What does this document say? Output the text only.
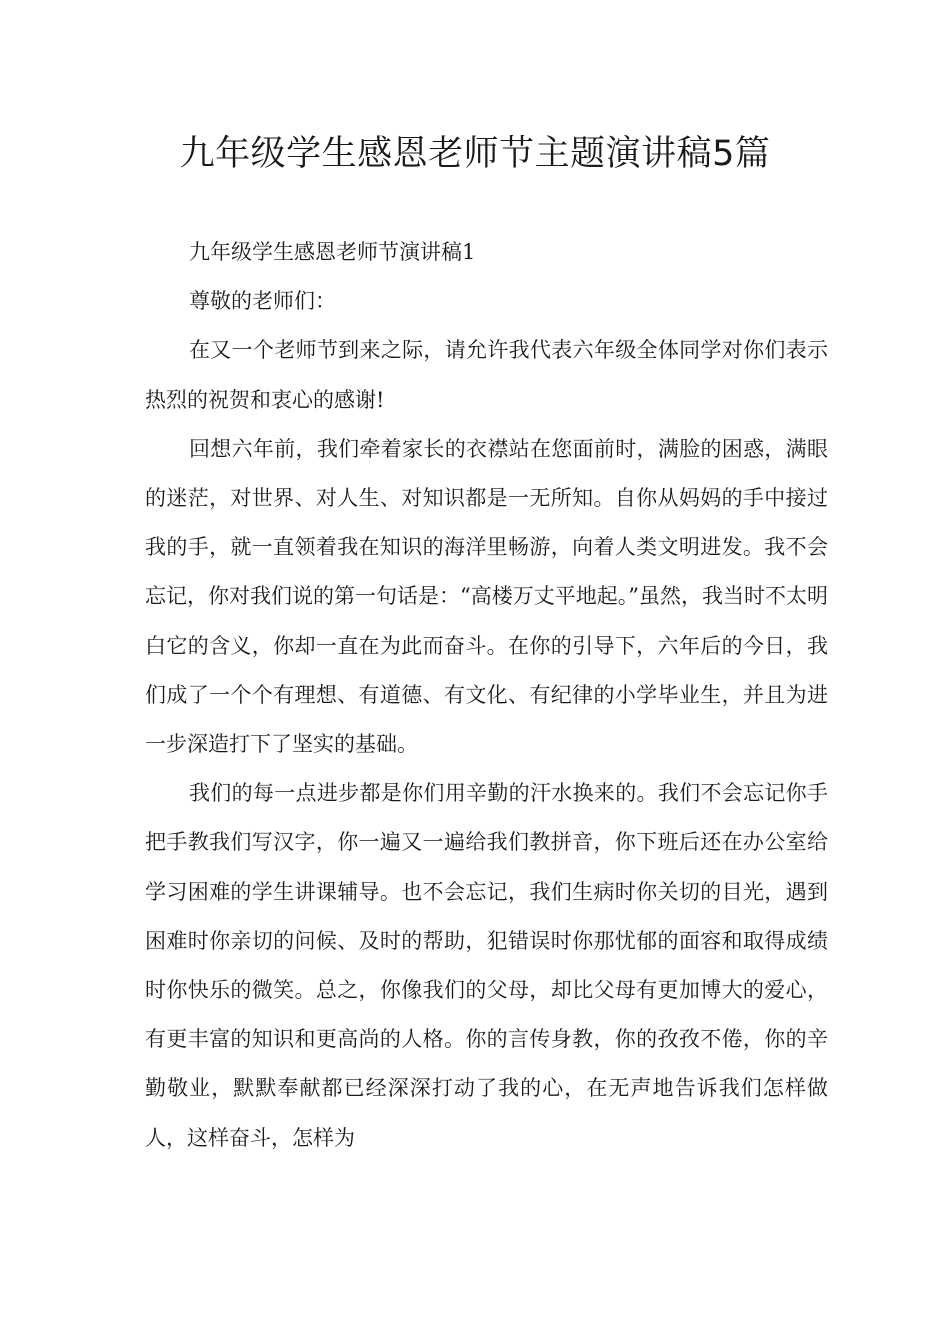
九年级学生感恩老师节主题演讲稿5篇

九年级学生感恩老师节演讲稿1

尊敬的老师们：

在又一个老师节到来之际，请允许我代表六年级全体同学对你们表示热烈的祝贺和衷心的感谢!

回想六年前，我们牵着家长的衣襟站在您面前时，满脸的困惑，满眼的迷茫，对世界、对人生、对知识都是一无所知。自你从妈妈的手中接过我的手，就一直领着我在知识的海洋里畅游，向着人类文明进发。我不会忘记，你对我们说的第一句话是：“高楼万丈平地起。”虽然，我当时不太明白它的含义，你却一直在为此而奋斗。在你的引导下，六年后的今日，我们成了一个个有理想、有道德、有文化、有纪律的小学毕业生，并且为进一步深造打下了坚实的基础。

我们的每一点进步都是你们用辛勤的汗水换来的。我们不会忘记你手把手教我们写汉字，你一遍又一遍给我们教拼音，你下班后还在办公室给学习困难的学生讲课辅导。也不会忘记，我们生病时你关切的目光，遇到困难时你亲切的问候、及时的帮助，犯错误时你那忧郁的面容和取得成绩时你快乐的微笑。总之，你像我们的父母，却比父母有更加博大的爱心，有更丰富的知识和更高尚的人格。你的言传身教，你的孜孜不倦，你的辛勤敬业，默默奉献都已经深深打动了我的心，在无声地告诉我们怎样做人，这样奋斗，怎样为
